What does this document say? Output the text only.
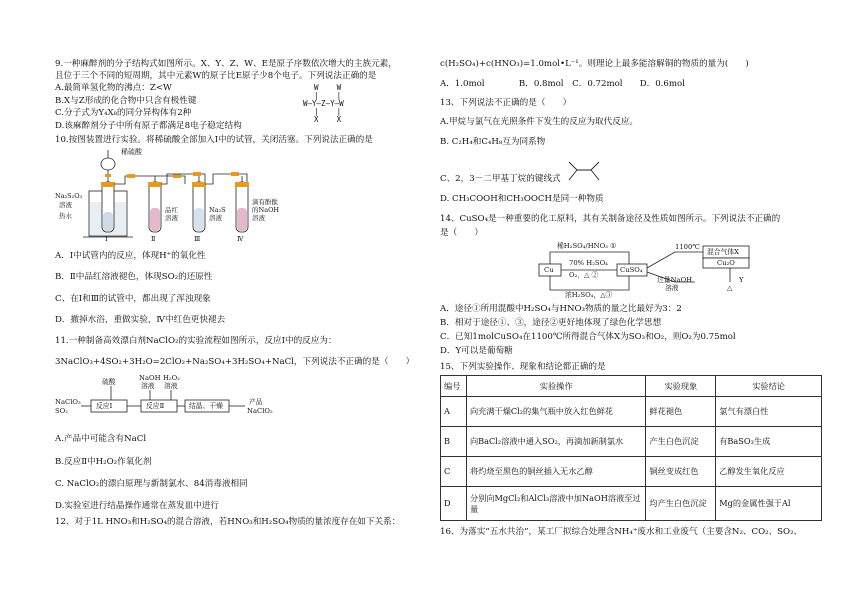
9.一种麻醉剂的分子结构式如图所示。X、Y、Z、W、E是原子序数依次增大的主族元素，
且位于三个不同的短周期，其中元素W的原子比E原子少8个电子。下列说法正确的是
A.最简单氢化物的沸点：Z<W
B.X与Z形成的化合物中只含有极性键
C.分子式为Y₄X₈的同分异构体有2种
D.该麻醉剂分子中所有原子都满足8电子稳定结构
W    W
|    |
W—Y—Z—Y—W
|    |
X    X
10.按图装置进行实验。将稀硫酸全部加入Ⅰ中的试管，关闭活塞。下列说法正确的是
稀硫酸
Na₂S₂O₃
溶液
热水
品红
溶液
Na₂S
溶液
滴有酚酞
的NaOH
溶液
Ⅰ	Ⅱ	Ⅲ	Ⅳ
A．Ⅰ中试管内的反应，体现H⁺的氧化性
B．Ⅱ中品红溶液褪色，体现SO₂的还原性
C、在Ⅰ和Ⅲ的试管中，都出现了浑浊现象
D．撤掉水浴，重做实验，Ⅳ中红色更快褪去
11.一种制备高效漂白剂NaClO₂的实验流程如图所示，反应Ⅰ中的反应为：
3NaClO₃+4SO₂+3H₂O=2ClO₂+Na₂SO₄+3H₂SO₄+NaCl，下列说法不正确的是（　　）
硫酸
NaClO₃
SO₂
反应Ⅰ
NaOH
溶液
H₂O₂
溶液
反应Ⅱ	结晶、干燥	产品
NaClO₂
A.产品中可能含有NaCl
B.反应Ⅱ中H₂O₂作氧化剂
C. NaClO₂的漂白原理与新制氯水、84消毒液相同
D.实验室进行结晶操作通常在蒸发皿中进行
12、对于1L HNO₃和H₂SO₄的混合溶液，若HNO₃和H₂SO₄物质的量浓度存在如下关系：
c(H₂SO₄)+c(HNO₃)=1.0mol•L⁻¹。则理论上最多能溶解铜的物质的量为(　　)
A．1.0mol　　　　B．0.8mol　C．0.72mol　　D．0.6mol
13、下列说法不正确的是（　　）
A.甲烷与氯气在光照条件下发生的反应为取代反应。
B. C₂H₄和C₄H₈互为同系物
C、2，3－二甲基丁烷的键线式
D. CH₃COOH和CH₃OOCH是同一种物质
14、CuSO₄是一种重要的化工原料，其有关制备途径及性质如图所示。下列说法不正确的
是（　　）
稀H₂SO₄/HNO₃ ①
70% H₂SO₄
O₂，△ ②
浓H₂SO₄，△③
Cu	CuSO₄
1100℃
混合气体X
Cu₂O
过量NaOH
溶液
Y
△
A．途径①所用混酸中H₂SO₄与HNO₃物质的量之比最好为3：2
B．相对于途径①、③，途径②更好地体现了绿色化学思想
C．已知1molCuSO₄在1100℃所得混合气体X为SO₃和O₂，则O₂为0.75mol
D．Y可以是葡萄糖
15、下列实验操作、现象和结论都正确的是
编号	实验操作	实验现象	实验结论
A	向充满干燥Cl₂的集气瓶中放入红色鲜花	鲜花褪色	氯气有漂白性
B	向BaCl₂溶液中通入SO₂，再滴加新制氯水	产生白色沉淀	有BaSO₃生成
C	将灼烧至黑色的铜丝插入无水乙醇	铜丝变成红色	乙醇发生氧化反应
D	分别向MgCl₂和AlCl₃溶液中加NaOH溶液至过量	均产生白色沉淀	Mg的金属性强于Al
16、为落实“五水共治”，某工厂拟综合处理含NH₄⁺废水和工业废气（主要含N₂、CO₂、SO₂、
